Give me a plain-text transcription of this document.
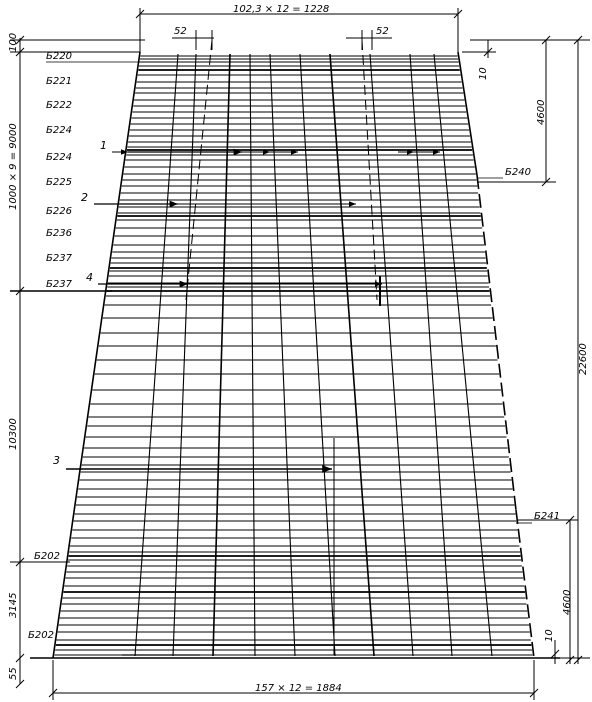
102,3 × 12 = 1228
52	52
157 × 12 = 1884
100
1000 × 9 = 9000
10300
3145
55
22600
4600
4600
10
10
Б220
Б221
Б222
Б224
Б224
Б225
Б226
Б236
Б237
Б237
Б202
Б202
Б240
Б241
1
2
3
4
